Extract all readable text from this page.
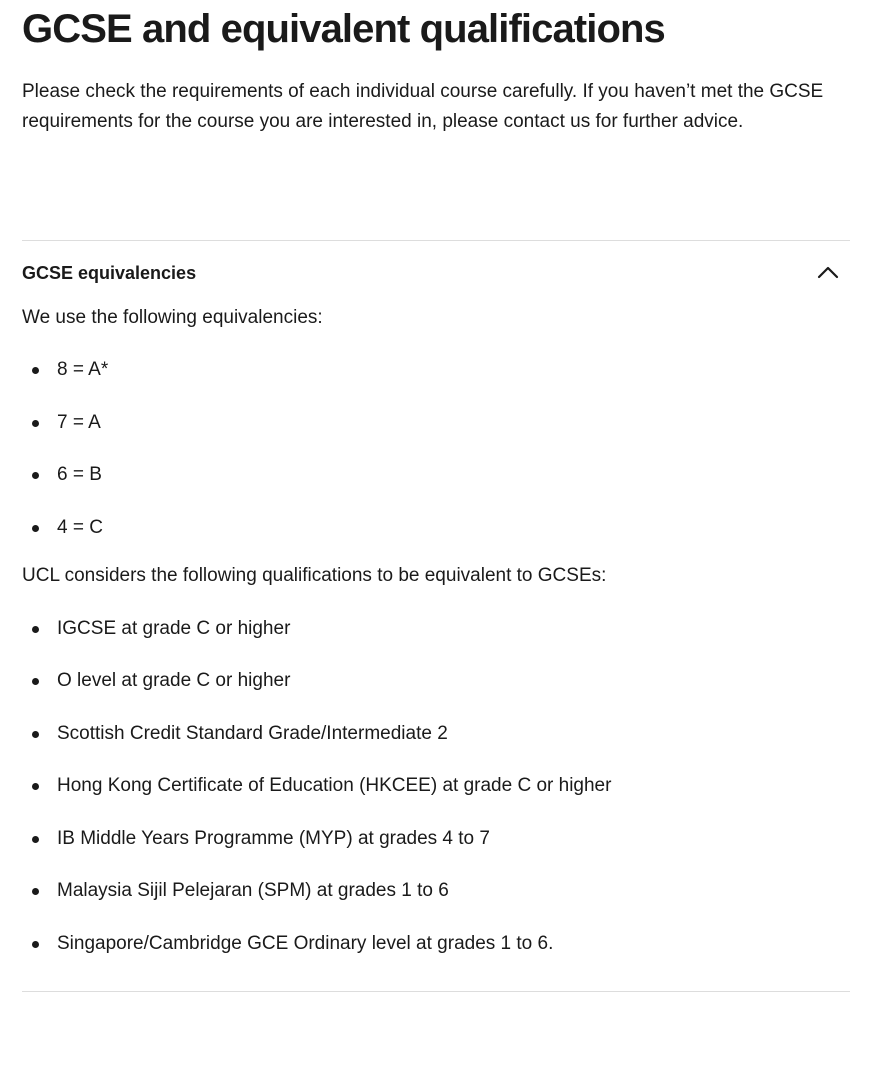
GCSE and equivalent qualifications

Please check the requirements of each individual course carefully. If you haven’t met the GCSE requirements for the course you are interested in, please contact us for further advice.

GCSE equivalencies

We use the following equivalencies:

8 = A*
7 = A
6 = B
4 = C

UCL considers the following qualifications to be equivalent to GCSEs:

IGCSE at grade C or higher
O level at grade C or higher
Scottish Credit Standard Grade/Intermediate 2
Hong Kong Certificate of Education (HKCEE) at grade C or higher
IB Middle Years Programme (MYP) at grades 4 to 7
Malaysia Sijil Pelejaran (SPM) at grades 1 to 6
Singapore/Cambridge GCE Ordinary level at grades 1 to 6.
